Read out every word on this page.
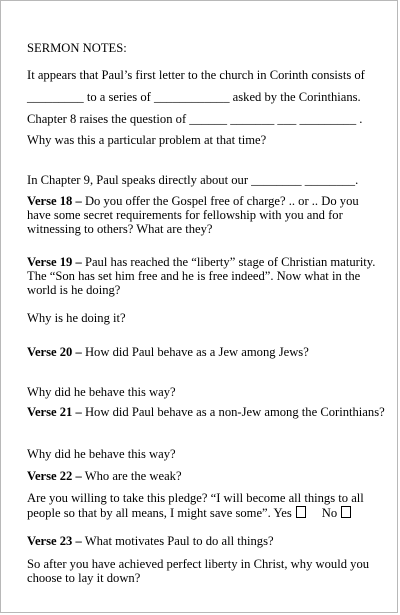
SERMON NOTES:
It appears that Paul’s first letter to the church in Corinth consists of
_________ to a series of ____________ asked by the Corinthians.
Chapter 8 raises the question of ______ _______ ___ _________ .
Why was this a particular problem at that time?
In Chapter 9, Paul speaks directly about our ________ ________.
Verse 18 – Do you offer the Gospel free of charge? .. or .. Do you
have some secret requirements for fellowship with you and for
witnessing to others? What are they?
Verse 19 – Paul has reached the “liberty” stage of Christian maturity.
The “Son has set him free and he is free indeed”. Now what in the
world is he doing?
Why is he doing it?
Verse 20 – How did Paul behave as a Jew among Jews?
Why did he behave this way?
Verse 21 – How did Paul behave as a non-Jew among the Corinthians?
Why did he behave this way?
Verse 22 – Who are the weak?
Are you willing to take this pledge? “I will become all things to all
people so that by all means, I might save some”. Yes No
Verse 23 – What motivates Paul to do all things?
So after you have achieved perfect liberty in Christ, why would you
choose to lay it down?
